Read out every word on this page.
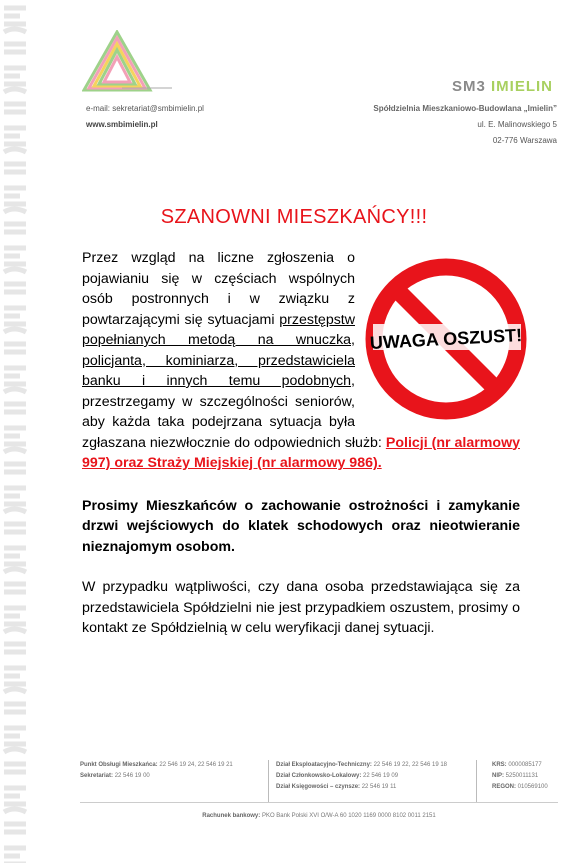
SM3 IMIELIN
e-mail: sekretariat@smbimielin.pl
www.smbimielin.pl
Spółdzielnia Mieszkaniowo-Budowlana „Imielin”
ul. E. Malinowskiego 5
02-776 Warszawa
SZANOWNI MIESZKAŃCY!!!
UWAGA OSZUST!

Przez wzgląd na liczne zgłoszenia o pojawianiu się w częściach wspólnych osób postronnych i w związku z powtarzającymi się sytuacjami przestępstw popełnianych metodą na wnuczka, policjanta, kominiarza, przedstawiciela banku i innych temu podobnych, przestrzegamy w szczególności seniorów, aby każda taka podejrzana sytuacja była zgłaszana niezwłocznie do odpowiednich służb: Policji (nr alarmowy 997) oraz Straży Miejskiej (nr alarmowy 986).

Prosimy Mieszkańców o zachowanie ostrożności i zamykanie drzwi wejściowych do klatek schodowych oraz nieotwieranie nieznajomym osobom.

W przypadku wątpliwości, czy dana osoba przedstawiająca się za przedstawiciela Spółdzielni nie jest przypadkiem oszustem, prosimy o kontakt ze Spółdzielnią w celu weryfikacji danej sytuacji.

Punkt Obsługi Mieszkańca: 22 546 19 24, 22 546 19 21
Sekretariat: 22 546 19 00
Dział Eksploatacyjno-Techniczny: 22 546 19 22, 22 546 19 18
Dział Członkowsko-Lokalowy: 22 546 19 09
Dział Księgowości – czynsze: 22 546 19 11
KRS: 0000085177
NIP: 5250011131
REGON: 010569100
Rachunek bankowy: PKO Bank Polski XVI O/W-A 60 1020 1169 0000 8102 0011 2151
